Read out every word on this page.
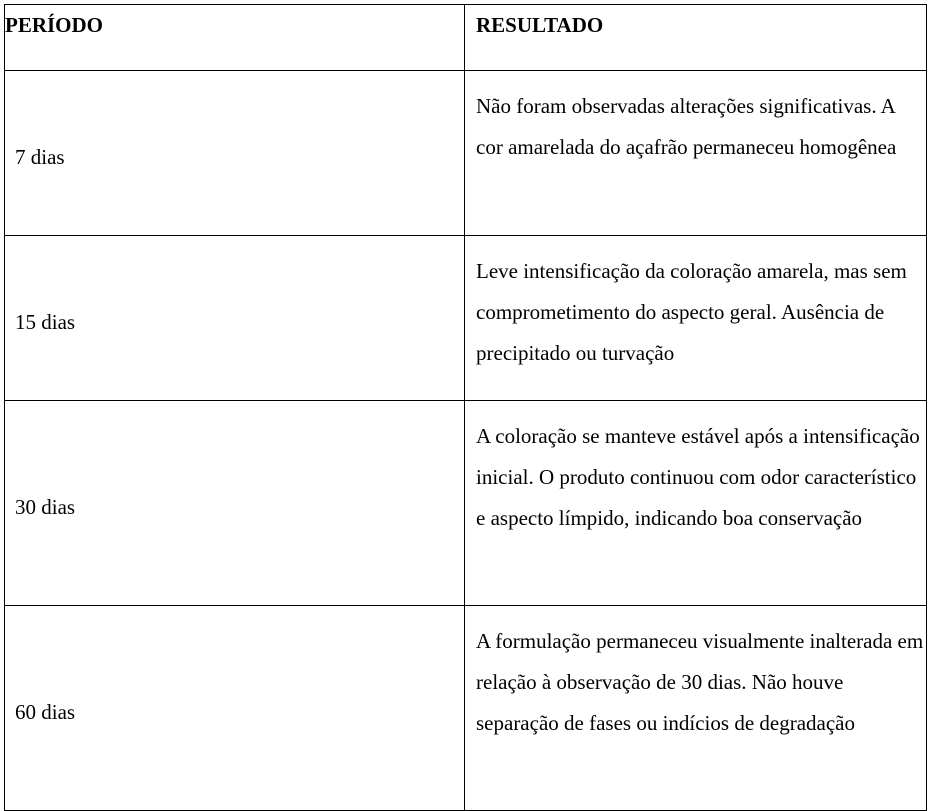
PERÍODO	RESULTADO
7 dias	Não foram observadas alterações significativas. A cor amarelada do açafrão permaneceu homogênea

15 dias	Leve intensificação da coloração amarela, mas sem comprometimento do aspecto geral. Ausência de precipitado ou turvação

30 dias	A coloração se manteve estável após a intensificação inicial. O produto continuou com odor característico e aspecto límpido, indicando boa conservação

60 dias	A formulação permaneceu visualmente inalterada em relação à observação de 30 dias. Não houve separação de fases ou indícios de degradação
